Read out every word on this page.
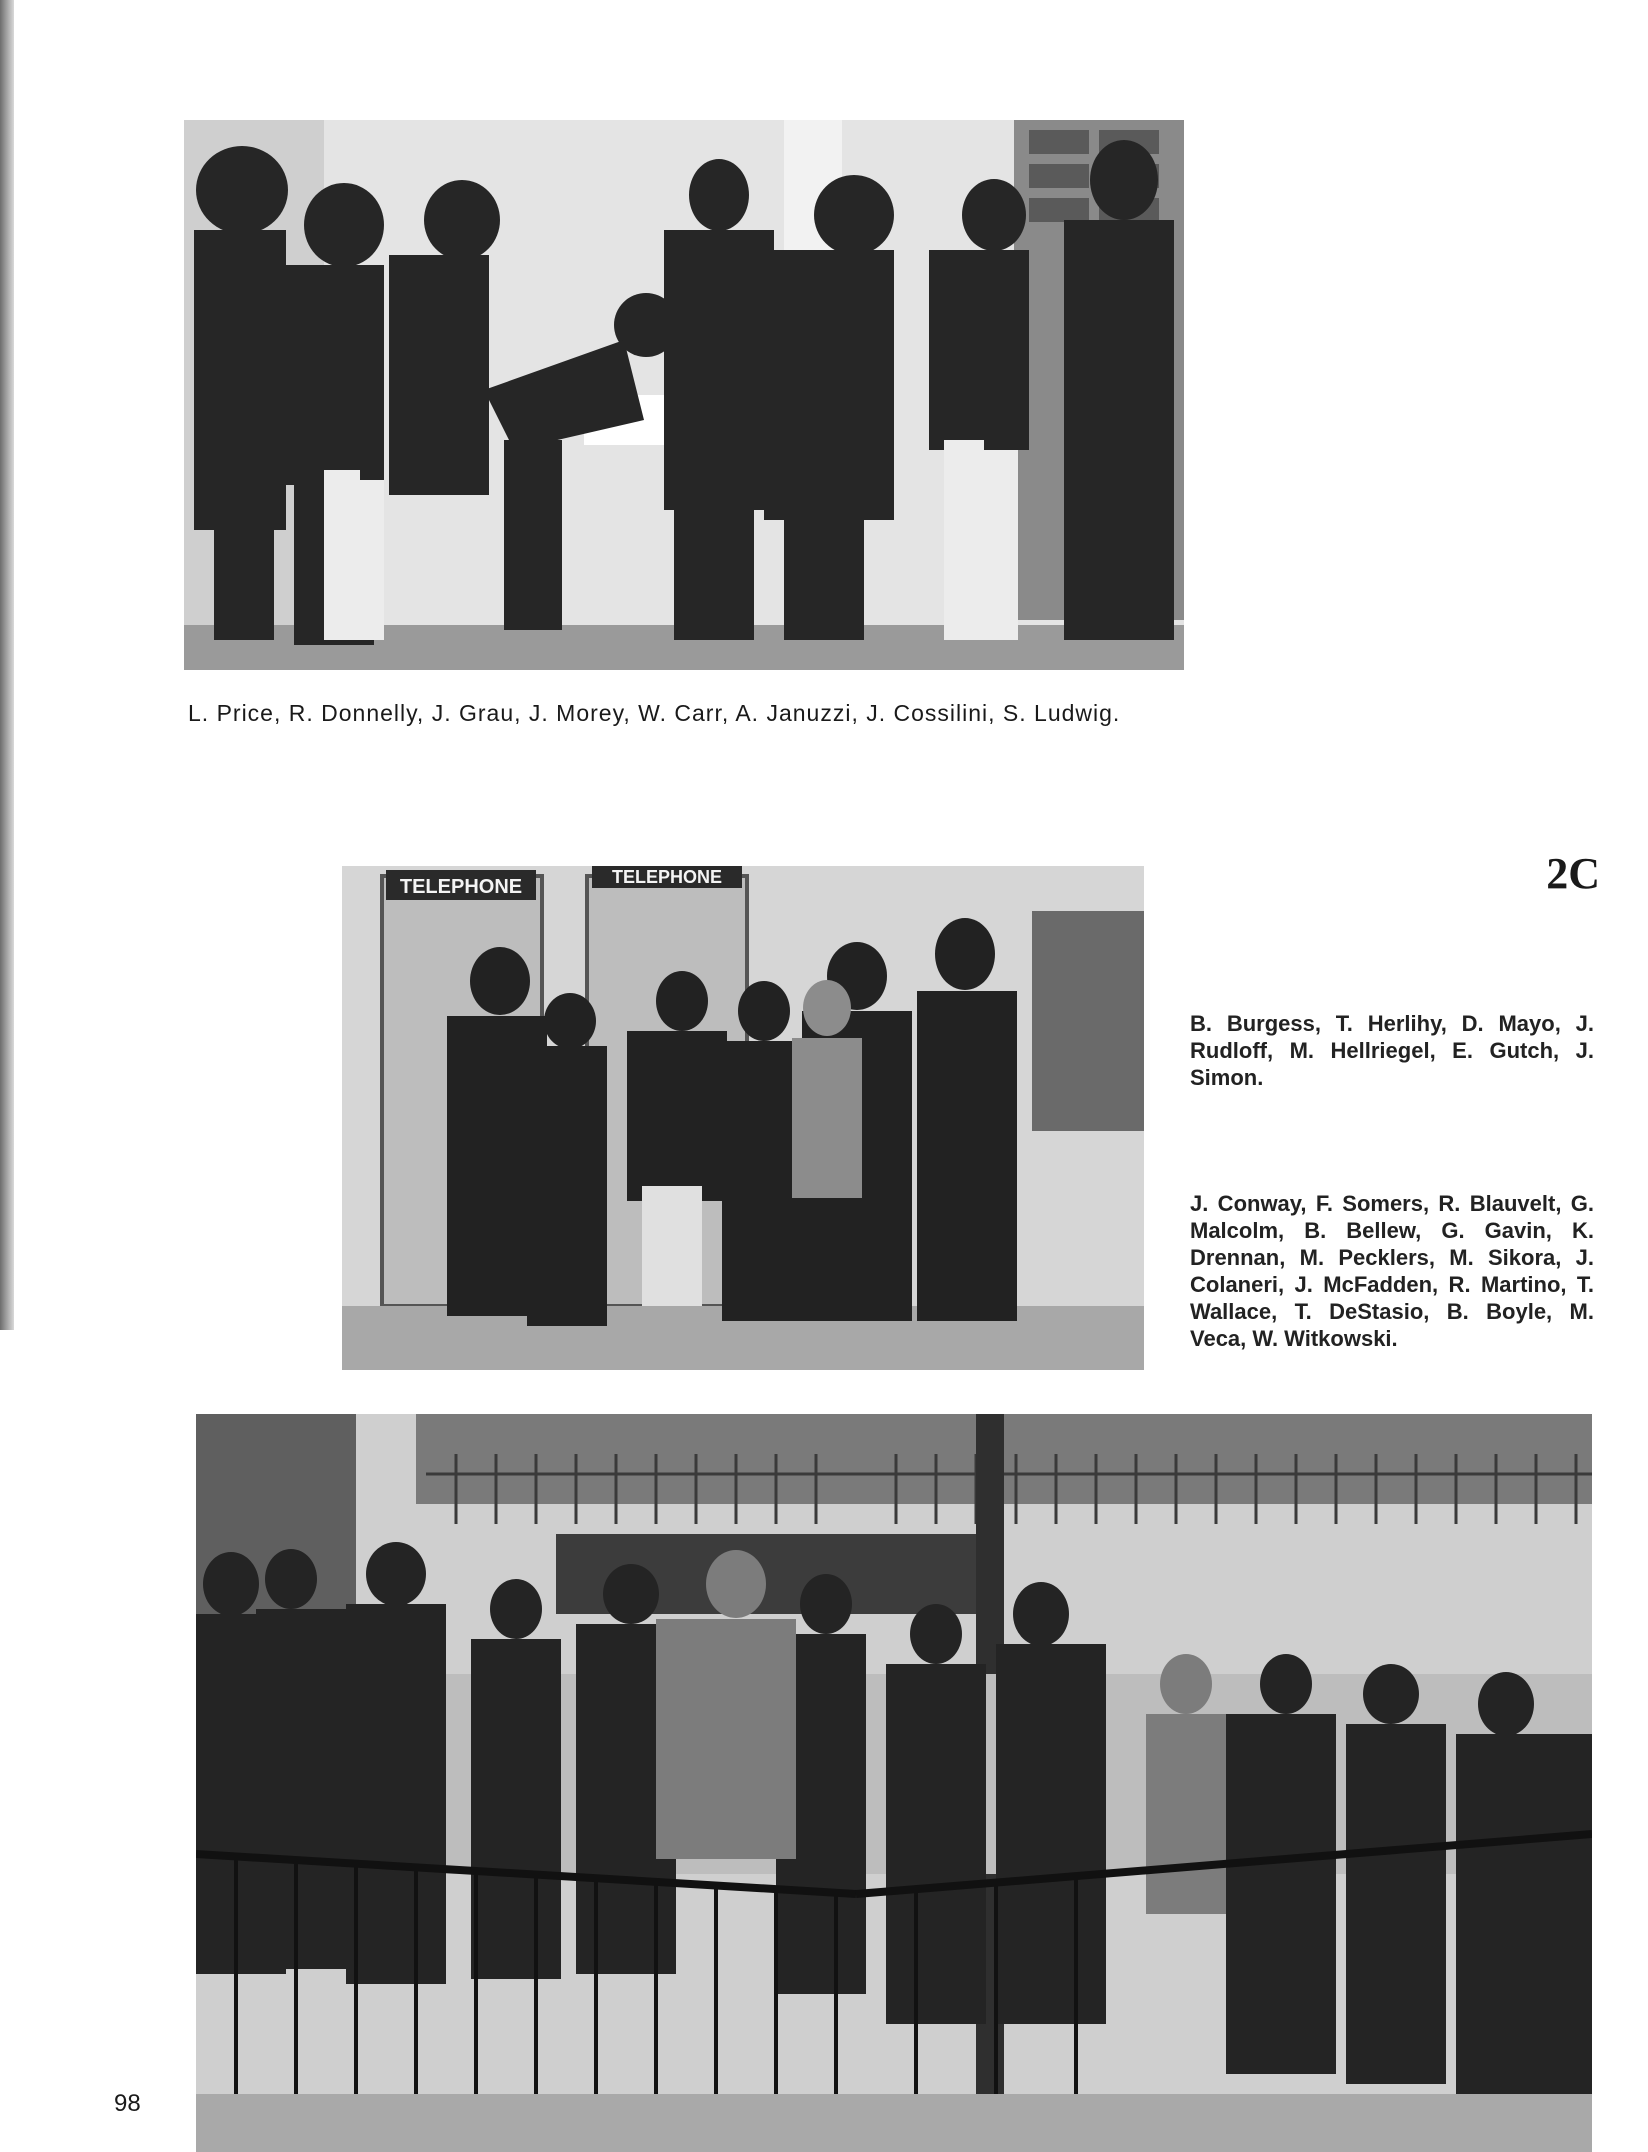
L. Price, R. Donnelly, J. Grau, J. Morey, W. Carr, A. Januzzi, J. Cossilini, S. Ludwig.
2C
TELEPHONE	TELEPHONE
B. Burgess, T. Herlihy, D. Mayo, J. Rudloff, M. Hellriegel, E. Gutch, J. Simon.
J. Conway, F. Somers, R. Blauvelt, G. Malcolm, B. Bellew, G. Gavin, K. Drennan, M. Pecklers, M. Sikora, J. Colaneri, J. McFadden, R. Martino, T. Wallace, T. DeStasio, B. Boyle, M. Veca, W. Witkowski.
98
